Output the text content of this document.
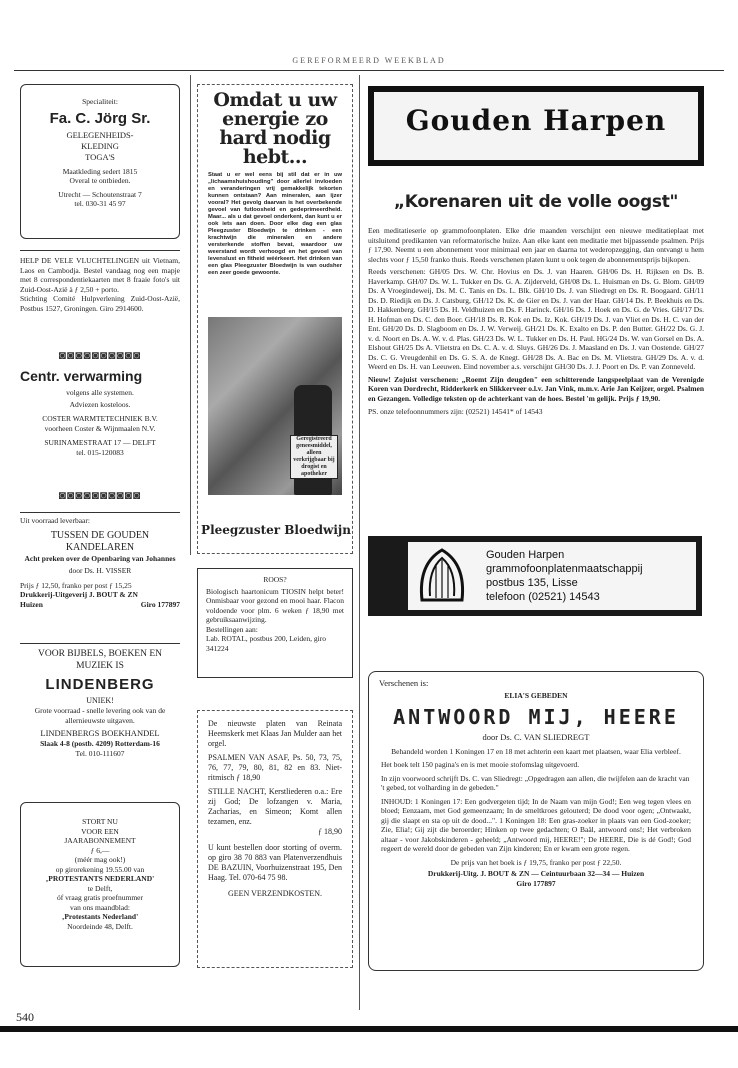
GEREFORMEERD WEEKBLAD
Specialiteit:
Fa. C. Jörg Sr.
GELEGENHEIDS-
KLEDING
TOGA'S
Maatkleding sedert 1815
Overal te ontbieden.
Utrecht — Schoutenstraat 7
tel. 030-31 45 97
HELP DE VELE VLUCHTELINGEN uit Vietnam, Laos en Cambodja. Bestel vandaag nog een mapje met 8 correspondentiekaarten met 8 fraaie foto's uit Zuid-Oost-Azië à ƒ 2,50 + porto.
Stichting Comité Hulpverlening Zuid-Oost-Azië, Postbus 1527, Groningen. Giro 2914600.
◙◙◙◙◙◙◙◙◙◙
Centr. verwarming
volgens alle systemen.
Adviezen kosteloos.
COSTER WARMTETECHNIEK B.V.
voorheen Coster & Wijnmaalen N.V.
SURINAMESTRAAT 17 — DELFT
tel. 015-120083
◙◙◙◙◙◙◙◙◙◙
Uit voorraad leverbaar:
TUSSEN DE GOUDEN
KANDELAREN
Acht preken over de Openbaring van Johannes
door Ds. H. VISSER
Prijs ƒ 12,50, franko per post ƒ 15,25
Drukkerij-Uitgeverij J. BOUT & ZN
Huizen	Giro 177897
VOOR BIJBELS, BOEKEN EN
MUZIEK IS
LINDENBERG
UNIEK!
Grote voorraad - snelle levering ook van de allernieuwste uitgaven.
LINDENBERGS BOEKHANDEL
Slaak 4-8 (postb. 4209) Rotterdam-16
Tel. 010-111607
STORT NU
VOOR EEN
JAARABONNEMENT
ƒ 6,—
(méér mag ook!)
op girorekening 19.55.00 van
‚PROTESTANTS NEDERLAND'
te Delft,
óf vraag gratis proefnummer
van ons maandblad:
‚Protestants Nederland'
Noordeinde 48, Delft.
540
Omdat u uw energie zo hard nodig hebt...
Staat u er wel eens bij stil dat er in uw „lichaamshuishouding" door allerlei invloeden en veranderingen vrij gemakkelijk tekorten kunnen ontstaan? Aan mineralen, aan ijzer vooral? Het gevolg daarvan is het overbekende gevoel van futloosheid en gedeprimeerdheid. Maar... als u dat gevoel onderkent, dan kunt u er ook iets aan doen. Door elke dag een glas Pleegzuster Bloedwijn te drinken - een krachtwijn die mineralen en andere versterkende stoffen bevat, waardoor uw weerstand wordt verhoogd en het gevoel van levenslust en fitheid wéérkeert. Het drinken van een glas Pleegzuster Bloedwijn is van oudsher een zeer goede gewoonte.
Geregistreerd geneesmiddel, alleen verkrijgbaar bij drogist en apotheker
Pleegzuster Bloedwijn
ROOS?
Biologisch haartonicum TIOSIN helpt beter! Onmisbaar voor gezond en mooi haar. Flacon voldoende voor plm. 6 weken ƒ 18,90 met gebruiksaanwijzing.
Bestellingen aan:
Lab. ROTAL, postbus 200, Leiden, giro 341224
De nieuwste platen van Reinata Heemskerk met Klaas Jan Mulder aan het orgel.
PSALMEN VAN ASAF, Ps. 50, 73, 75, 76, 77, 79, 80, 81, 82 en 83. Niet-ritmisch ƒ 18,90
STILLE NACHT, Kerstliederen o.a.: Ere zij God; De lofzangen v. Maria, Zacharias, en Simeon; Komt allen tezamen, enz.
ƒ 18,90
U kunt bestellen door storting of overm. op giro 38 70 883 van Platenverzendhuis DE BAZUIN, Voorhuizenstraat 195, Den Haag. Tel. 070-64 75 98.
GEEN VERZENDKOSTEN.
Gouden Harpen
„Korenaren uit de volle oogst"
Een meditatieserie op grammofoonplaten. Elke drie maanden verschijnt een nieuwe meditatieplaat met uitsluitend predikanten van reformatorische huize. Aan elke kant een meditatie met bijpassende psalmen. Prijs ƒ 17,90. Neemt u een abonnement voor minimaal een jaar en daarna tot wederopzegging, dan ontvangt u hem slechts voor ƒ 15,50 franko thuis. Reeds verschenen platen kunt u ook tegen de abonnementsprijs bijkopen.
Reeds verschenen: GH/05 Drs. W. Chr. Hovius en Ds. J. van Haaren. GH/06 Ds. H. Rijksen en Ds. B. Haverkamp. GH/07 Ds. W. L. Tukker en Ds. G. A. Zijderveld, GH/08 Ds. L. Huisman en Ds. G. Blom. GH/09 Ds. A Vroegindeweij, Ds. M. C. Tanis en Ds. L. Blk. GH/10 Ds. J. van Sliedregt en Ds. R. Boogaard. GH/11 Ds. D. Riedijk en Ds. J. Catsburg, GH/12 Ds. K. de Gier en Ds. J. van der Haar. GH/14 Ds. P. Beekhuis en Ds. D. Hakkenberg. GH/15 Ds. H. Veldhuizen en Ds. F. Harinck. GH/16 Ds. J. Hoek en Ds. G. de Vries. GH/17 Ds. H. Hofman en Ds. C. den Boer. GH/18 Ds. R. Kok en Ds. Iz. Kok. GH/19 Ds. J. van Vliet en Ds. H. C. van der Ent. GH/20 Ds. D. Slagboom en Ds. J. W. Verweij. GH/21 Ds. K. Exalto en Ds. P. den Butter. GH/22 Ds. G. J. v. d. Noort en Ds. A. W. v. d. Plas. GH/23 Ds. W. L. Tukker en Ds. H. Paul. HG/24 Ds. W. van Gorsel en Ds. A. Elshout GH/25 Ds A. Vlietstra en Ds. C. A. v. d. Sluys. GH/26 Ds. J. Maasland en Ds. J. van Oostende. GH/27 Ds. C. G. Vreugdenhil en Ds. G. S. A. de Knegt. GH/28 Ds. A. Bac en Ds. M. Vlietstra. GH/29 Ds. A. v. d. Weerd en Ds. H. van Leeuwen. Eind november a.s. verschijnt GH/30 Ds. J. J. Poort en Ds. P. van Zonneveld.
Nieuw! Zojuist verschenen: „Roemt Zijn deugden" een schitterende langspeelplaat van de Verenigde Koren van Dordrecht, Ridderkerk en Slikkerveer o.l.v. Jan Vink, m.m.v. Arie Jan Keijzer, orgel. Psalmen en Gezangen. Volledige teksten op de achterkant van de hoes. Bestel 'm gelijk. Prijs ƒ 19,90.
PS. onze telefoonnummers zijn: (02521) 14541* of 14543
Gouden Harpen
grammofoonplatenmaatschappij
postbus 135, Lisse
telefoon (02521) 14543
Verschenen is:
ELIA'S GEBEDEN
ANTWOORD MIJ, HEERE
door Ds. C. VAN SLIEDREGT
Behandeld worden 1 Koningen 17 en 18 met achterin een kaart met plaatsen, waar Elia verbleef.
Het boek telt 150 pagina's en is met mooie stofomslag uitgevoerd.
In zijn voorwoord schrijft Ds. C. van Sliedregt: „Opgedragen aan allen, die twijfelen aan de kracht van 't gebed, tot volharding in de gebeden."
INHOUD: 1 Koningen 17: Een godvergeten tijd; In de Naam van mijn God!; Een weg tegen vlees en bloed; Eenzaam, met God gemeenzaam; In de smeltkroes gelouterd; De dood voor ogen; „Ontwaakt, gij die slaapt en sta op uit de dood...". 1 Koningen 18: Een gras-zoeker in plaats van een God-zoeker; Zie, Elia!; Gij zijt die beroerder; Hinken op twee gedachten; O Baäl, antwoord ons!; Het verbroken altaar - voor Jakobskinderen - geheeld; „Antwoord mij, HEERE!"; De HEERE, Die is dé God!; God regeert de wereld door de gebeden van Zijn kinderen; En er kwam een grote regen.
De prijs van het boek is ƒ 19,75, franko per post ƒ 22,50.
Drukkerij-Uitg. J. BOUT & ZN — Ceintuurbaan 32—34 — Huizen
Giro 177897
